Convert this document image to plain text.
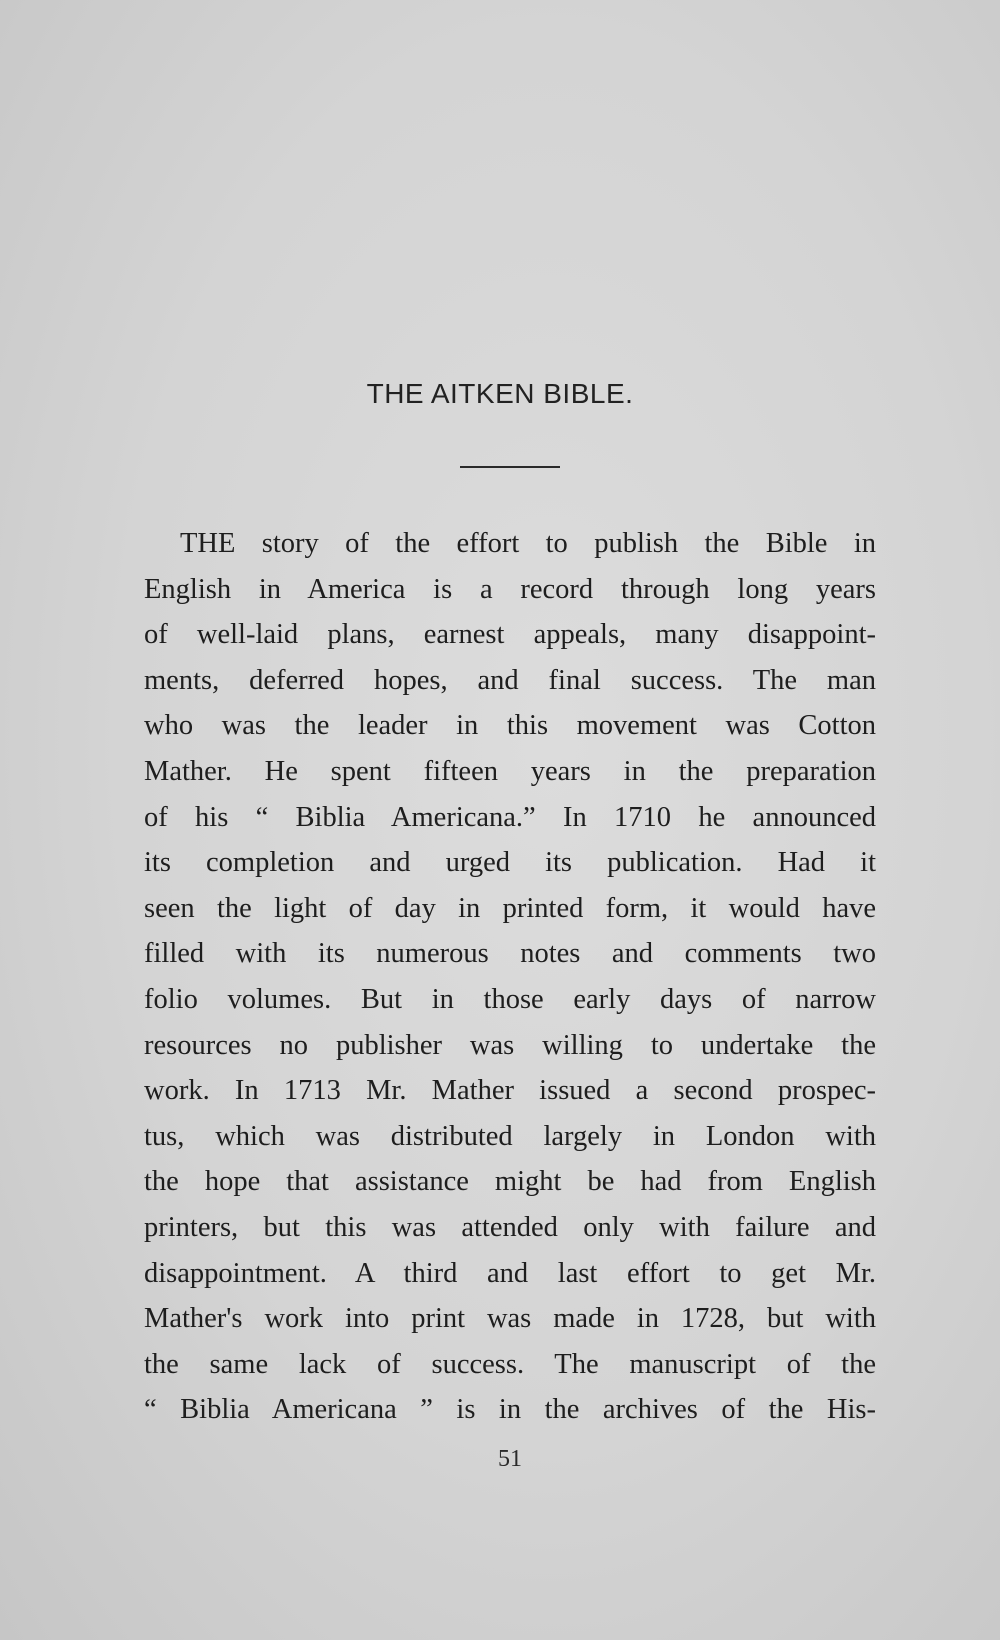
THE AITKEN BIBLE.
THE story of the effort to publish the Bible in
English in America is a record through long years
of well-laid plans, earnest appeals, many disappoint-
ments, deferred hopes, and final success. The man
who was the leader in this movement was Cotton
Mather. He spent fifteen years in the preparation
of his “ Biblia Americana.” In 1710 he announced
its completion and urged its publication. Had it
seen the light of day in printed form, it would have
filled with its numerous notes and comments two
folio volumes. But in those early days of narrow
resources no publisher was willing to undertake the
work. In 1713 Mr. Mather issued a second prospec-
tus, which was distributed largely in London with
the hope that assistance might be had from English
printers, but this was attended only with failure and
disappointment. A third and last effort to get Mr.
Mather's work into print was made in 1728, but with
the same lack of success. The manuscript of the
“ Biblia Americana ” is in the archives of the His-
51
